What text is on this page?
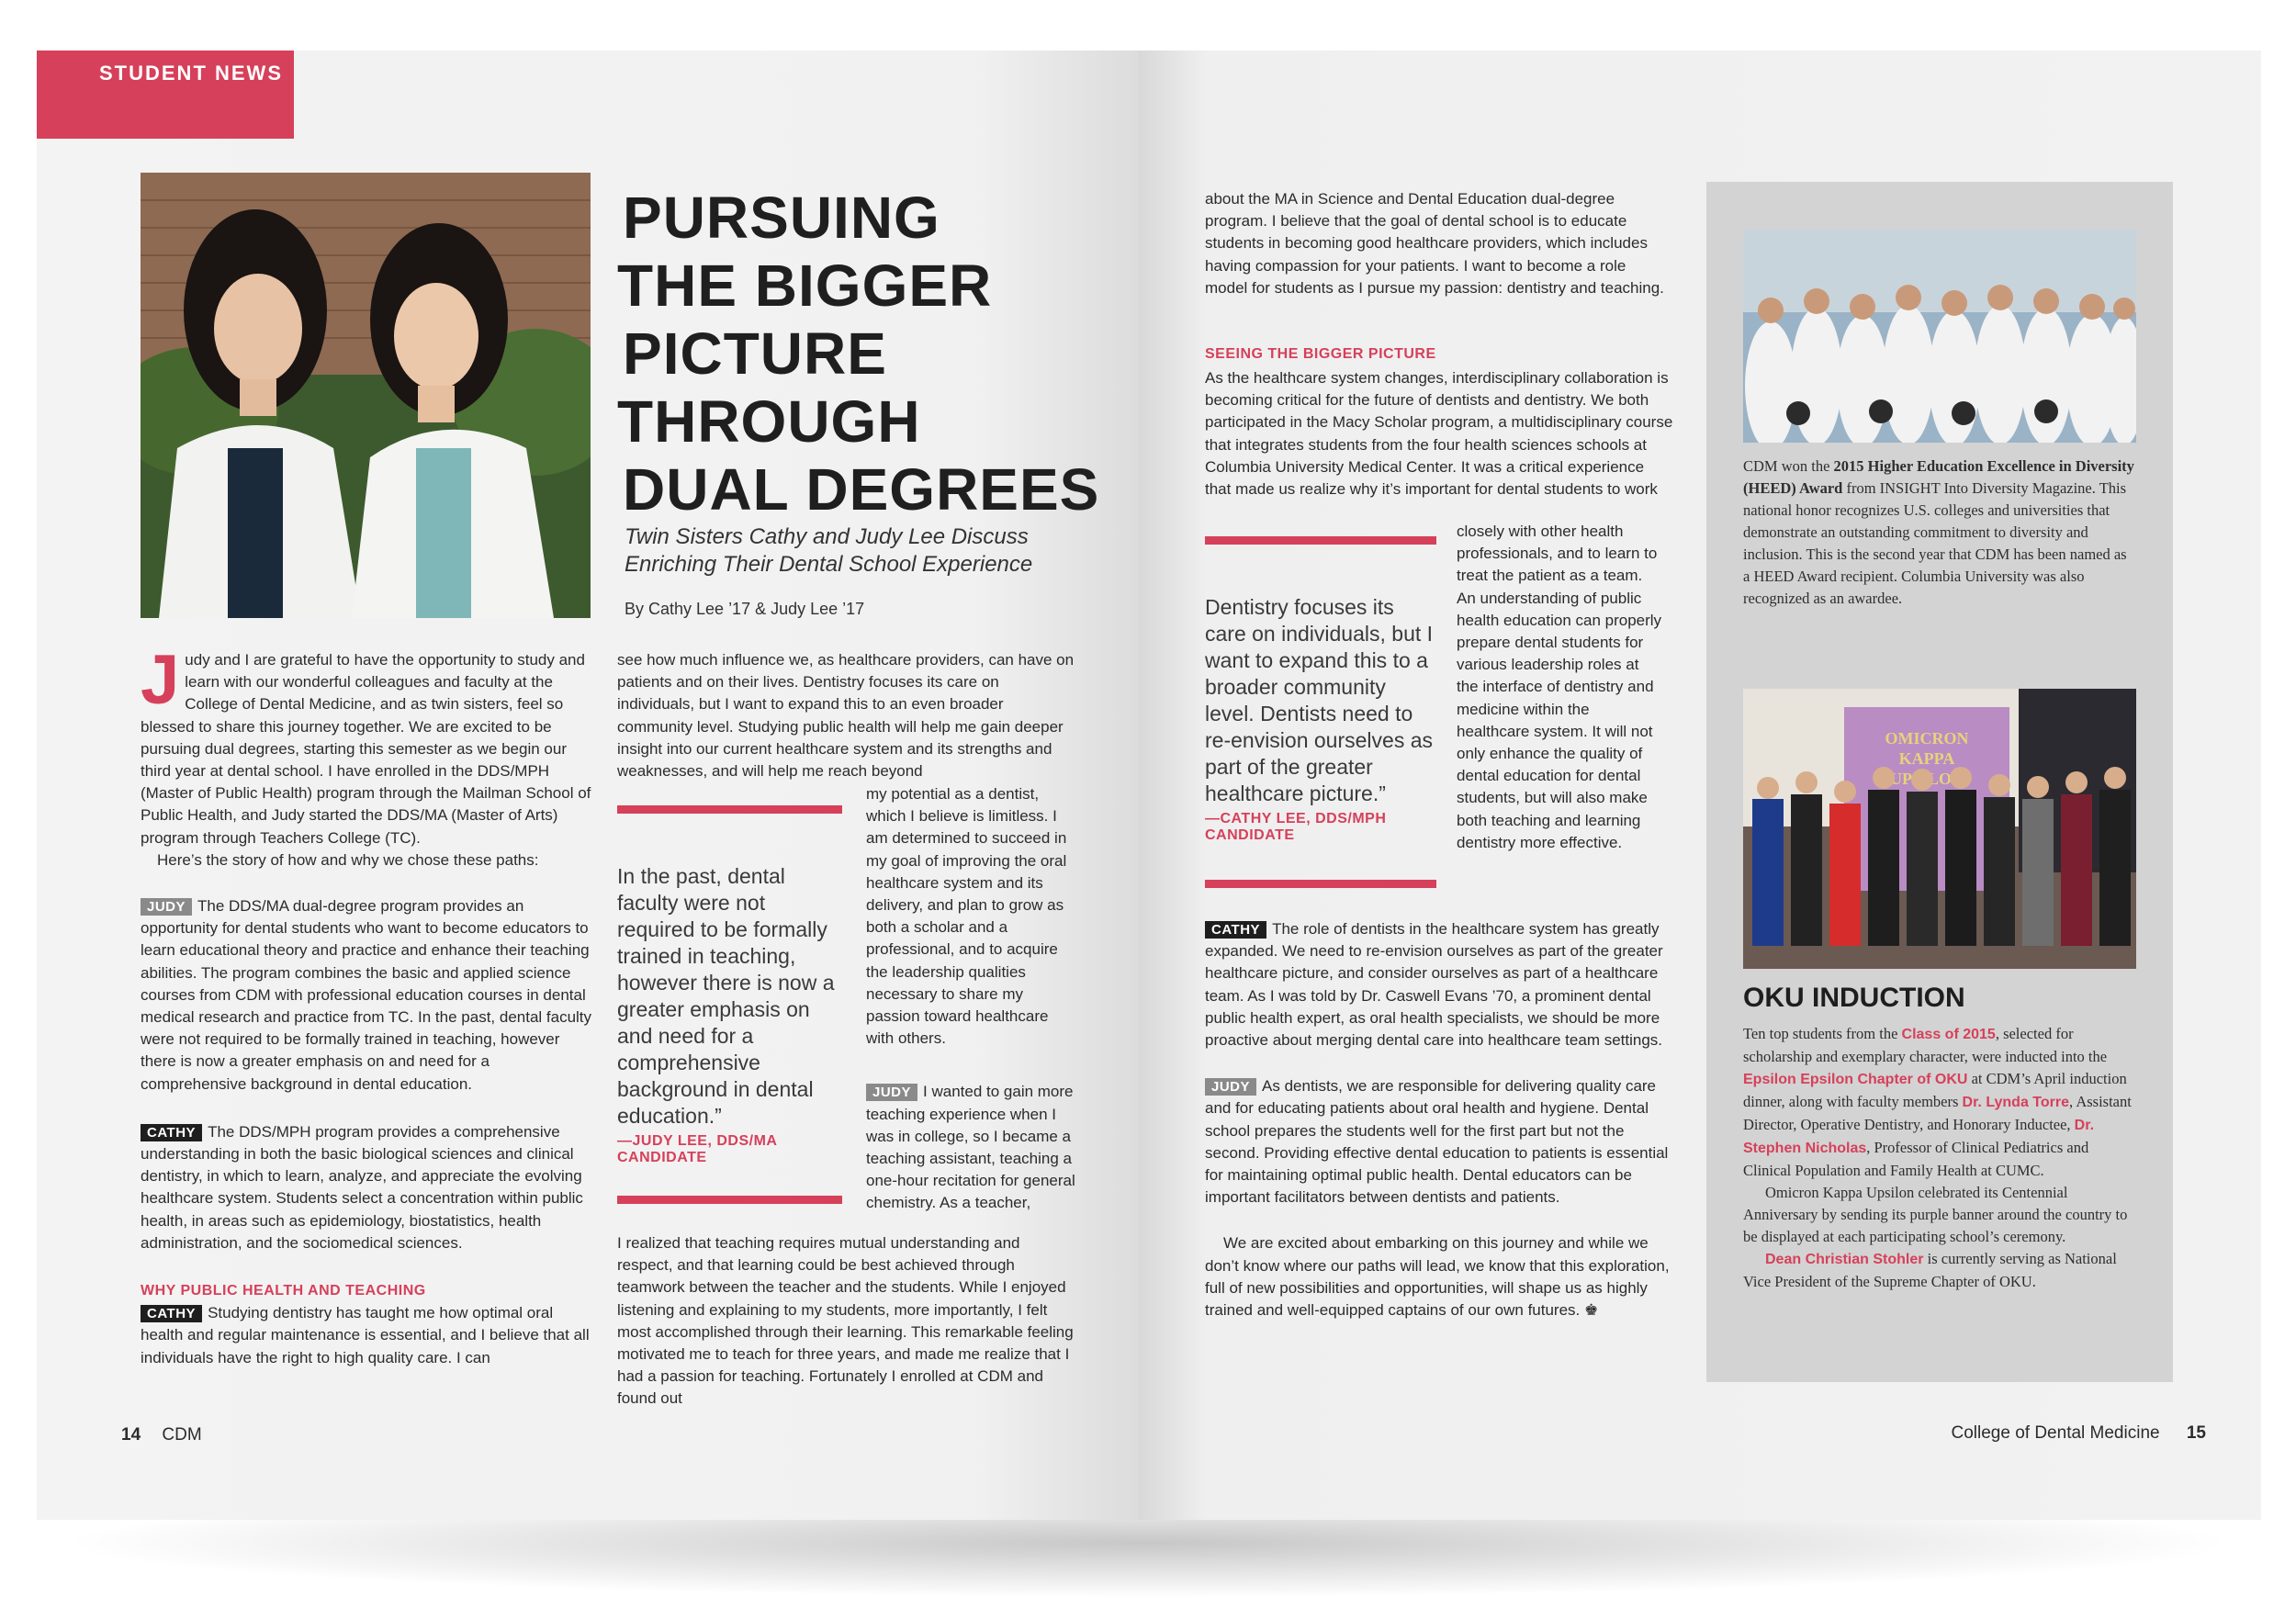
STUDENT NEWS
PURSUING
THE BIGGER
PICTURE
THROUGH
DUAL DEGREES
Twin Sisters Cathy and Judy Lee Discuss
Enriching Their Dental School Experience
By Cathy Lee ’17 & Judy Lee ’17

Judy and I are grateful to have the opportunity to study and learn with our wonderful colleagues and faculty at the College of Dental Medicine, and as twin sisters, feel so blessed to share this journey together. We are excited to be pursuing dual degrees, starting this semester as we begin our third year at dental school. I have enrolled in the DDS/MPH (Master of Public Health) program through the Mailman School of Public Health, and Judy started the DDS/MA (Master of Arts) program through Teachers College (TC).

Here’s the story of how and why we chose these paths:

JUDY The DDS/MA dual-degree program provides an opportunity for dental students who want to become educators to learn educational theory and practice and enhance their teaching abilities. The program combines the basic and applied science courses from CDM with professional education courses in dental medical research and practice from TC. In the past, dental faculty were not required to be formally trained in teaching, however there is now a greater emphasis on and need for a comprehensive background in dental education.

CATHY The DDS/MPH program provides a comprehensive understanding in both the basic biological sciences and clinical dentistry, in which to learn, analyze, and appreciate the evolving healthcare system. Students select a concentration within public health, in areas such as epidemiology, biostatistics, health administration, and the sociomedical sciences.

WHY PUBLIC HEALTH AND TEACHING

CATHY Studying dentistry has taught me how optimal oral health and regular maintenance is essential, and I believe that all individuals have the right to high quality care. I can

see how much influence we, as healthcare providers, can have on patients and on their lives. Dentistry focuses its care on individuals, but I want to expand this to an even broader community level. Studying public health will help me gain deeper insight into our current healthcare system and its strengths and weaknesses, and will help me reach beyond
In the past, dental faculty were not required to be formally trained in teaching, however there is now a greater emphasis on and need for a comprehensive background in dental education.”
—JUDY LEE, DDS/MA CANDIDATE

my potential as a dentist, which I believe is limitless. I am determined to succeed in my goal of improving the oral healthcare system and its delivery, and plan to grow as both a scholar and a professional, and to acquire the leadership qualities necessary to share my passion toward healthcare with others.

JUDY I wanted to gain more teaching experience when I was in college, so I became a teaching assistant, teaching a one-hour recitation for general chemistry. As a teacher,

I realized that teaching requires mutual understanding and respect, and that learning could be best achieved through teamwork between the teacher and the students. While I enjoyed listening and explaining to my students, more importantly, I felt most accomplished through their learning. This remarkable feeling motivated me to teach for three years, and made me realize that I had a passion for teaching. Fortunately I enrolled at CDM and found out
14 CDM
about the MA in Science and Dental Education dual-degree program. I believe that the goal of dental school is to educate students in becoming good healthcare providers, which includes having compassion for your patients. I want to become a role model for students as I pursue my passion: dentistry and teaching.
SEEING THE BIGGER PICTURE
As the healthcare system changes, interdisciplinary collaboration is becoming critical for the future of dentists and dentistry. We both participated in the Macy Scholar program, a multidisciplinary course that integrates students from the four health sciences schools at Columbia University Medical Center. It was a critical experience that made us realize why it’s important for dental students to work
Dentistry focuses its care on individuals, but I want to expand this to a broader community level. Dentists need to re-envision ourselves as part of the greater healthcare picture.”
—CATHY LEE, DDS/MPH CANDIDATE
closely with other health professionals, and to learn to treat the patient as a team. An understanding of public health education can properly prepare dental students for various leadership roles at the interface of dentistry and medicine within the healthcare system. It will not only enhance the quality of dental education for dental students, but will also make both teaching and learning dentistry more effective.

CATHY The role of dentists in the healthcare system has greatly expanded. We need to re-envision ourselves as part of the greater healthcare picture, and consider ourselves as part of a healthcare team. As I was told by Dr. Caswell Evans ’70, a prominent dental public health expert, as oral health specialists, we should be more proactive about merging dental care into healthcare team settings.

JUDY As dentists, we are responsible for delivering quality care and for educating patients about oral health and hygiene. Dental school prepares the students well for the first part but not the second. Providing effective dental education to patients is essential for maintaining optimal public health. Dental educators can be important facilitators between dentists and patients.

We are excited about embarking on this journey and while we don’t know where our paths will lead, we know that this exploration, full of new possibilities and opportunities, will shape us as highly trained and well-equipped captains of our own futures. ♚

CDM won the 2015 Higher Education Excellence in Diversity (HEED) Award from INSIGHT Into Diversity Magazine. This national honor recognizes U.S. colleges and universities that demonstrate an outstanding commitment to diversity and inclusion. This is the second year that CDM has been named as a HEED Award recipient. Columbia University was also recognized as an awardee.
OMICRON
KAPPA
OKU INDUCTION
Ten top students from the Class of 2015, selected for scholarship and exemplary character, were inducted into the Epsilon Epsilon Chapter of OKU at CDM’s April induction dinner, along with faculty members Dr. Lynda Torre, Assistant Director, Operative Dentistry, and Honorary Inductee, Dr. Stephen Nicholas, Professor of Clinical Pediatrics and Clinical Population and Family Health at CUMC.
Omicron Kappa Upsilon celebrated its Centennial Anniversary by sending its purple banner around the country to be displayed at each participating school’s ceremony.
Dean Christian Stohler is currently serving as National Vice President of the Supreme Chapter of OKU.
College of Dental Medicine 15
